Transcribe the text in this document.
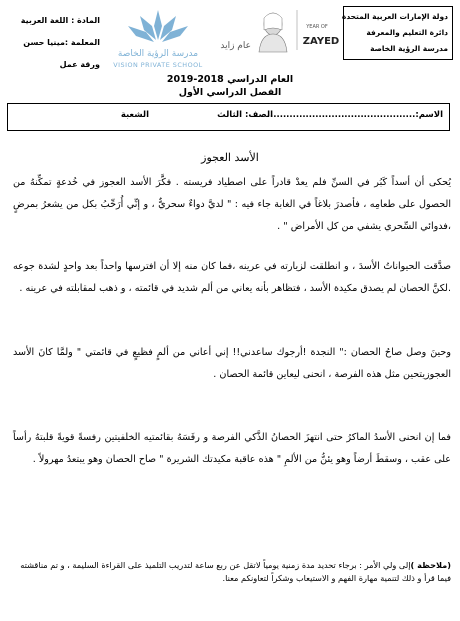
دولة الإمارات العربية المتحدة
دائرة التعليم والمعرفة
مدرسة الرؤية الخاصة
عام زايد
YEAR OF
ZAYED
مدرسة الرؤية الخاصة
VISION PRIVATE SCHOOL
المادة : اللغة العربية
المعلمة :مينيا حسن
ورقة عمل
العام الدراسي 2018-2019
الفصل الدراسي الأول
الاسم:..............................................
الصف: الثالث
الشعبة
الأسد العجوز
يُحكى أن أسداً كَبُر في السنِّ فلم يعدْ قادراً على اصطياد فريسته . فكَّرَ الأسد العجوز في خُدعةٍ تمكِّنهُ من الحصول على طعامِه ، فأصدرَ بلاغاً في الغابة جاء فيه : " لديَّ دواءٌ سحريٌّ ، و إنِّي أُرَحِّبُ بكل من يشعرُ بمرضٍ ،فدوائي السِّحري يشفي من كل الأمراض " .
صدَّقت الحيواناتُ الأسدَ ، و انطلقت لزيارته في عرينه ،فما كان منه إلا أن افترسها واحداً بعد واحدٍ لشدة جوعه .لكنَّ الحصان لم يصدق مكيدة الأسد ، فتظاهر بأنه يعاني من ألم شديد في قائمته ، و ذهب لمقابلته في عرينه .
وحينَ وصل صاحُ الحصان :" النجدة !أرجوك ساعدني!! إني أعاني من ألمٍ فظيعٍ في قائمتي " ولمَّا كانَ الأسد العجوزيتحين مثل هذه الفرصة ، انحنى ليعاين قائمة الحصان .
فما إن انحنى الأسدُ الماكرُ حتى انتهزَ الحصانُ الذَّكي الفرصة و رفَسَهُ بقائمتيه الخلفيتين رفسةً قويةً قلبتهُ رأساً على عقب ، وسقطَ أرضاً وهو يئنُّ من الألمِ " هذه عاقبة مكيدتك الشريرة " صاح الحصان وهو يبتعدُ مهرولاً .
(ملاحظة )إلى ولي الأمر : برجاء تحديد مدة زمنية يومياً لاتقل عن ربع ساعة لتدريب التلميذ على القراءة السليمة ، و تم مناقشته فيما قرأ و ذلك لتنمية مهارة الفهم و الاستيعاب وشكراً لتعاونكم معنا.
